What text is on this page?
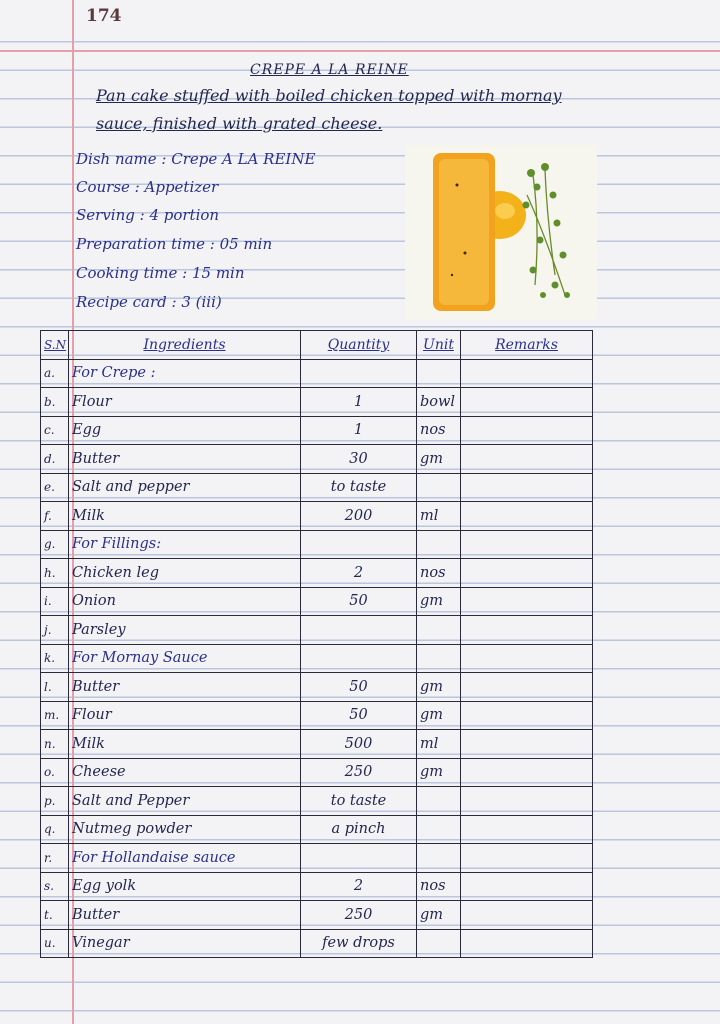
174
CREPE A LA REINE
Pan cake stuffed with boiled chicken topped with mornay
sauce, finished with grated cheese.
Dish name : Crepe A LA REINE
Course : Appetizer
Serving : 4 portion
Preparation time : 05 min
Cooking time : 15 min
Recipe card : 3 (iii)
S.N	Ingredients	Quantity	Unit	Remarks
a.	For Crepe :			
b.	Flour	1	bowl	
c.	Egg	1	nos	
d.	Butter	30	gm	
e.	Salt and pepper	to taste		
f.	Milk	200	ml	
g.	For Fillings:			
h.	Chicken leg	2	nos	
i.	Onion	50	gm	
j.	Parsley			
k.	For Mornay Sauce			
l.	Butter	50	gm	
m.	Flour	50	gm	
n.	Milk	500	ml	
o.	Cheese	250	gm	
p.	Salt and Pepper	to taste		
q.	Nutmeg powder	a pinch		
r.	For Hollandaise sauce			
s.	Egg yolk	2	nos	
t.	Butter	250	gm	
u.	Vinegar	few drops		
